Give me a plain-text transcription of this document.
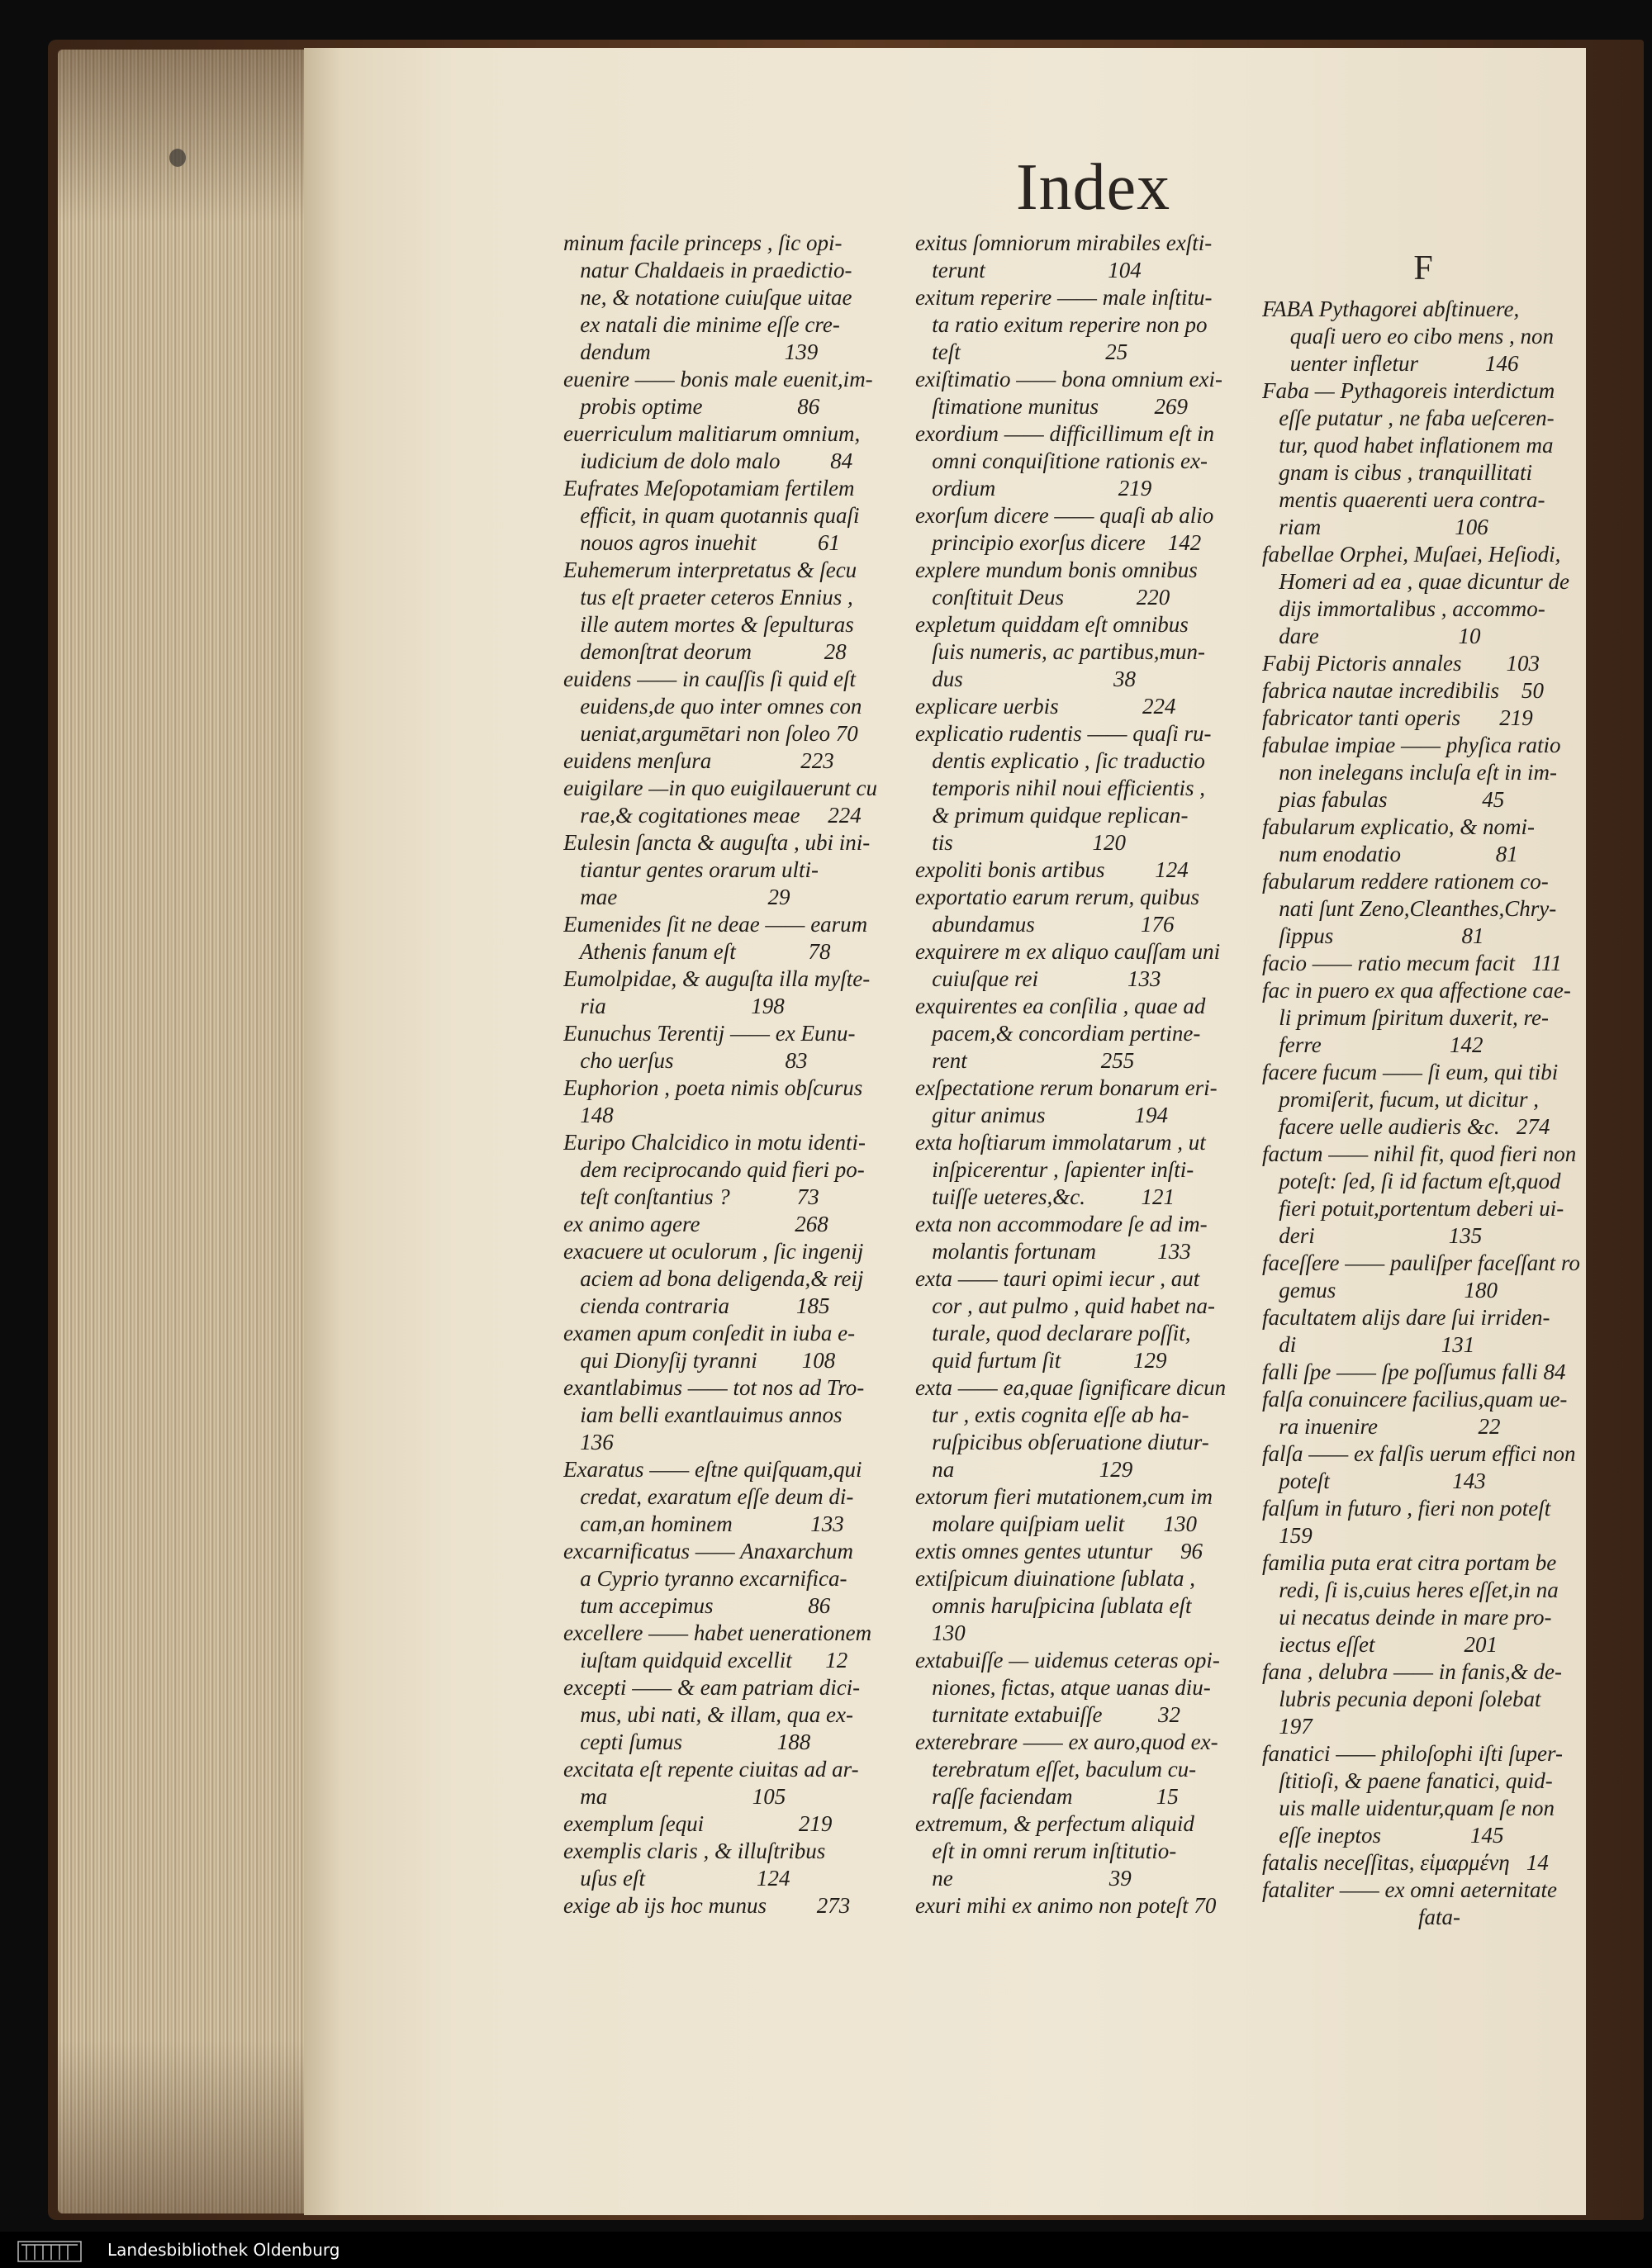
Index
minum facile princeps , ſic opi-
natur Chaldaeis in praedictio-
ne, & notatione cuiuſque uitae
ex natali die minime eſſe cre-
dendum                        139
euenire —— bonis male euenit,im-
probis optime                 86
euerriculum malitiarum omnium,
iudicium de dolo malo         84
Eufrates Meſopotamiam fertilem
efficit, in quam quotannis quaſi
nouos agros inuehit           61
Euhemerum interpretatus & ſecu
tus eſt praeter ceteros Ennius ,
ille autem mortes & ſepulturas
demonſtrat deorum             28
euidens —— in cauſſis ſi quid eſt
euidens,de quo inter omnes con
ueniat,argumētari non ſoleo 70
euidens menſura                223
euigilare —in quo euigilauerunt cu
rae,& cogitationes meae     224
Eulesin ſancta & auguſta , ubi ini-
tiantur gentes orarum ulti-
mae                           29
Eumenides ſit ne deae —— earum
Athenis fanum eſt             78
Eumolpidae, & auguſta illa myſte-
ria                          198
Eunuchus Terentij —— ex Eunu-
cho uerſus                    83
Euphorion , poeta nimis obſcurus
148
Euripo Chalcidico in motu identi-
dem reciprocando quid fieri po-
teſt conſtantius ?            73
ex animo agere                 268
exacuere ut oculorum , ſic ingenij
aciem ad bona deligenda,& reij
cienda contraria            185
examen apum conſedit in iuba e-
qui Dionyſij tyranni        108
exantlabimus —— tot nos ad Tro-
iam belli exantlauimus annos
136
Exaratus —— eſtne quiſquam,qui
credat, exaratum eſſe deum di-
cam,an hominem              133
excarnificatus —— Anaxarchum
a Cyprio tyranno excarnifica-
tum accepimus                 86
excellere —— habet uenerationem
iuſtam quidquid excellit      12
excepti —— & eam patriam dici-
mus, ubi nati, & illam, qua ex-
cepti ſumus                 188
excitata eſt repente ciuitas ad ar-
ma                          105
exemplum ſequi                 219
exemplis claris , & illuſtribus
uſus eſt                    124
exige ab ijs hoc munus         273
exitus ſomniorum mirabiles exſti-
terunt                      104
exitum reperire —— male inſtitu-
ta ratio exitum reperire non po
teſt                          25
exiſtimatio —— bona omnium exi-
ſtimatione munitus          269
exordium —— difficillimum eſt in
omni conquiſitione rationis ex-
ordium                      219
exorſum dicere —— quaſi ab alio
principio exorſus dicere    142
explere mundum bonis omnibus
conſtituit Deus             220
expletum quiddam eſt omnibus
ſuis numeris, ac partibus,mun-
dus                           38
explicare uerbis               224
explicatio rudentis —— quaſi ru-
dentis explicatio , ſic traductio
temporis nihil noui efficientis ,
& primum quidque replican-
tis                         120
expoliti bonis artibus         124
exportatio earum rerum, quibus
abundamus                   176
exquirere m ex aliquo cauſſam uni
cuiuſque rei                133
exquirentes ea conſilia , quae ad
pacem,& concordiam pertine-
rent                        255
exſpectatione rerum bonarum eri-
gitur animus                194
exta hoſtiarum immolatarum , ut
inſpicerentur , ſapienter inſti-
tuiſſe ueteres,&c.          121
exta non accommodare ſe ad im-
molantis fortunam           133
exta —— tauri opimi iecur , aut
cor , aut pulmo , quid habet na-
turale, quod declarare poſſit,
quid furtum ſit             129
exta —— ea,quae ſignificare dicun
tur , extis cognita eſſe ab ha-
ruſpicibus obſeruatione diutur-
na                          129
extorum fieri mutationem,cum im
molare quiſpiam uelit       130
extis omnes gentes utuntur     96
extiſpicum diuinatione ſublata ,
omnis haruſpicina ſublata eſt
130
extabuiſſe — uidemus ceteras opi-
niones, fictas, atque uanas diu-
turnitate extabuiſſe          32
exterebrare —— ex auro,quod ex-
terebratum eſſet, baculum cu-
raſſe faciendam               15
extremum, & perfectum aliquid
eſt in omni rerum inſtitutio-
ne                            39
exuri mihi ex animo non poteſt 70
F
FABA Pythagorei abſtinuere,
quaſi uero eo cibo mens , non
uenter infletur            146
Faba — Pythagoreis interdictum
eſſe putatur , ne faba ueſceren-
tur, quod habet inflationem ma
gnam is cibus , tranquillitati
mentis quaerenti uera contra-
riam                        106
fabellae Orphei, Muſaei, Heſiodi,
Homeri ad ea , quae dicuntur de
dijs immortalibus , accommo-
dare                         10
Fabij Pictoris annales        103
fabrica nautae incredibilis    50
fabricator tanti operis       219
fabulae impiae —— phyſica ratio
non inelegans incluſa eſt in im-
pias fabulas                 45
fabularum explicatio, & nomi-
num enodatio                 81
fabularum reddere rationem co-
nati ſunt Zeno,Cleanthes,Chry-
ſippus                       81
facio —— ratio mecum facit   111
fac in puero ex qua affectione cae-
li primum ſpiritum duxerit, re-
ferre                       142
facere fucum —— ſi eum, qui tibi
promiſerit, fucum, ut dicitur ,
facere uelle audieris &c.   274
factum —— nihil fit, quod fieri non
poteſt: ſed, ſi id factum eſt,quod
fieri potuit,portentum deberi ui-
deri                        135
faceſſere —— pauliſper faceſſant ro
gemus                       180
facultatem alijs dare ſui irriden-
di                          131
falli ſpe —— ſpe poſſumus falli 84
falſa conuincere facilius,quam ue-
ra inuenire                  22
falſa —— ex falſis uerum effici non
poteſt                      143
falſum in futuro , fieri non poteſt
159
familia puta erat citra portam be
redi, ſi is,cuius heres eſſet,in na
ui necatus deinde in mare pro-
iectus eſſet                201
fana , delubra —— in fanis,& de-
lubris pecunia deponi ſolebat
197
fanatici —— philoſophi iſti ſuper-
ſtitioſi, & paene fanatici, quid-
uis malle uidentur,quam ſe non
eſſe ineptos                145
fatalis neceſſitas, εἱμαρμένη   14
fataliter —— ex omni aeternitate
fata-
Landesbibliothek Oldenburg
